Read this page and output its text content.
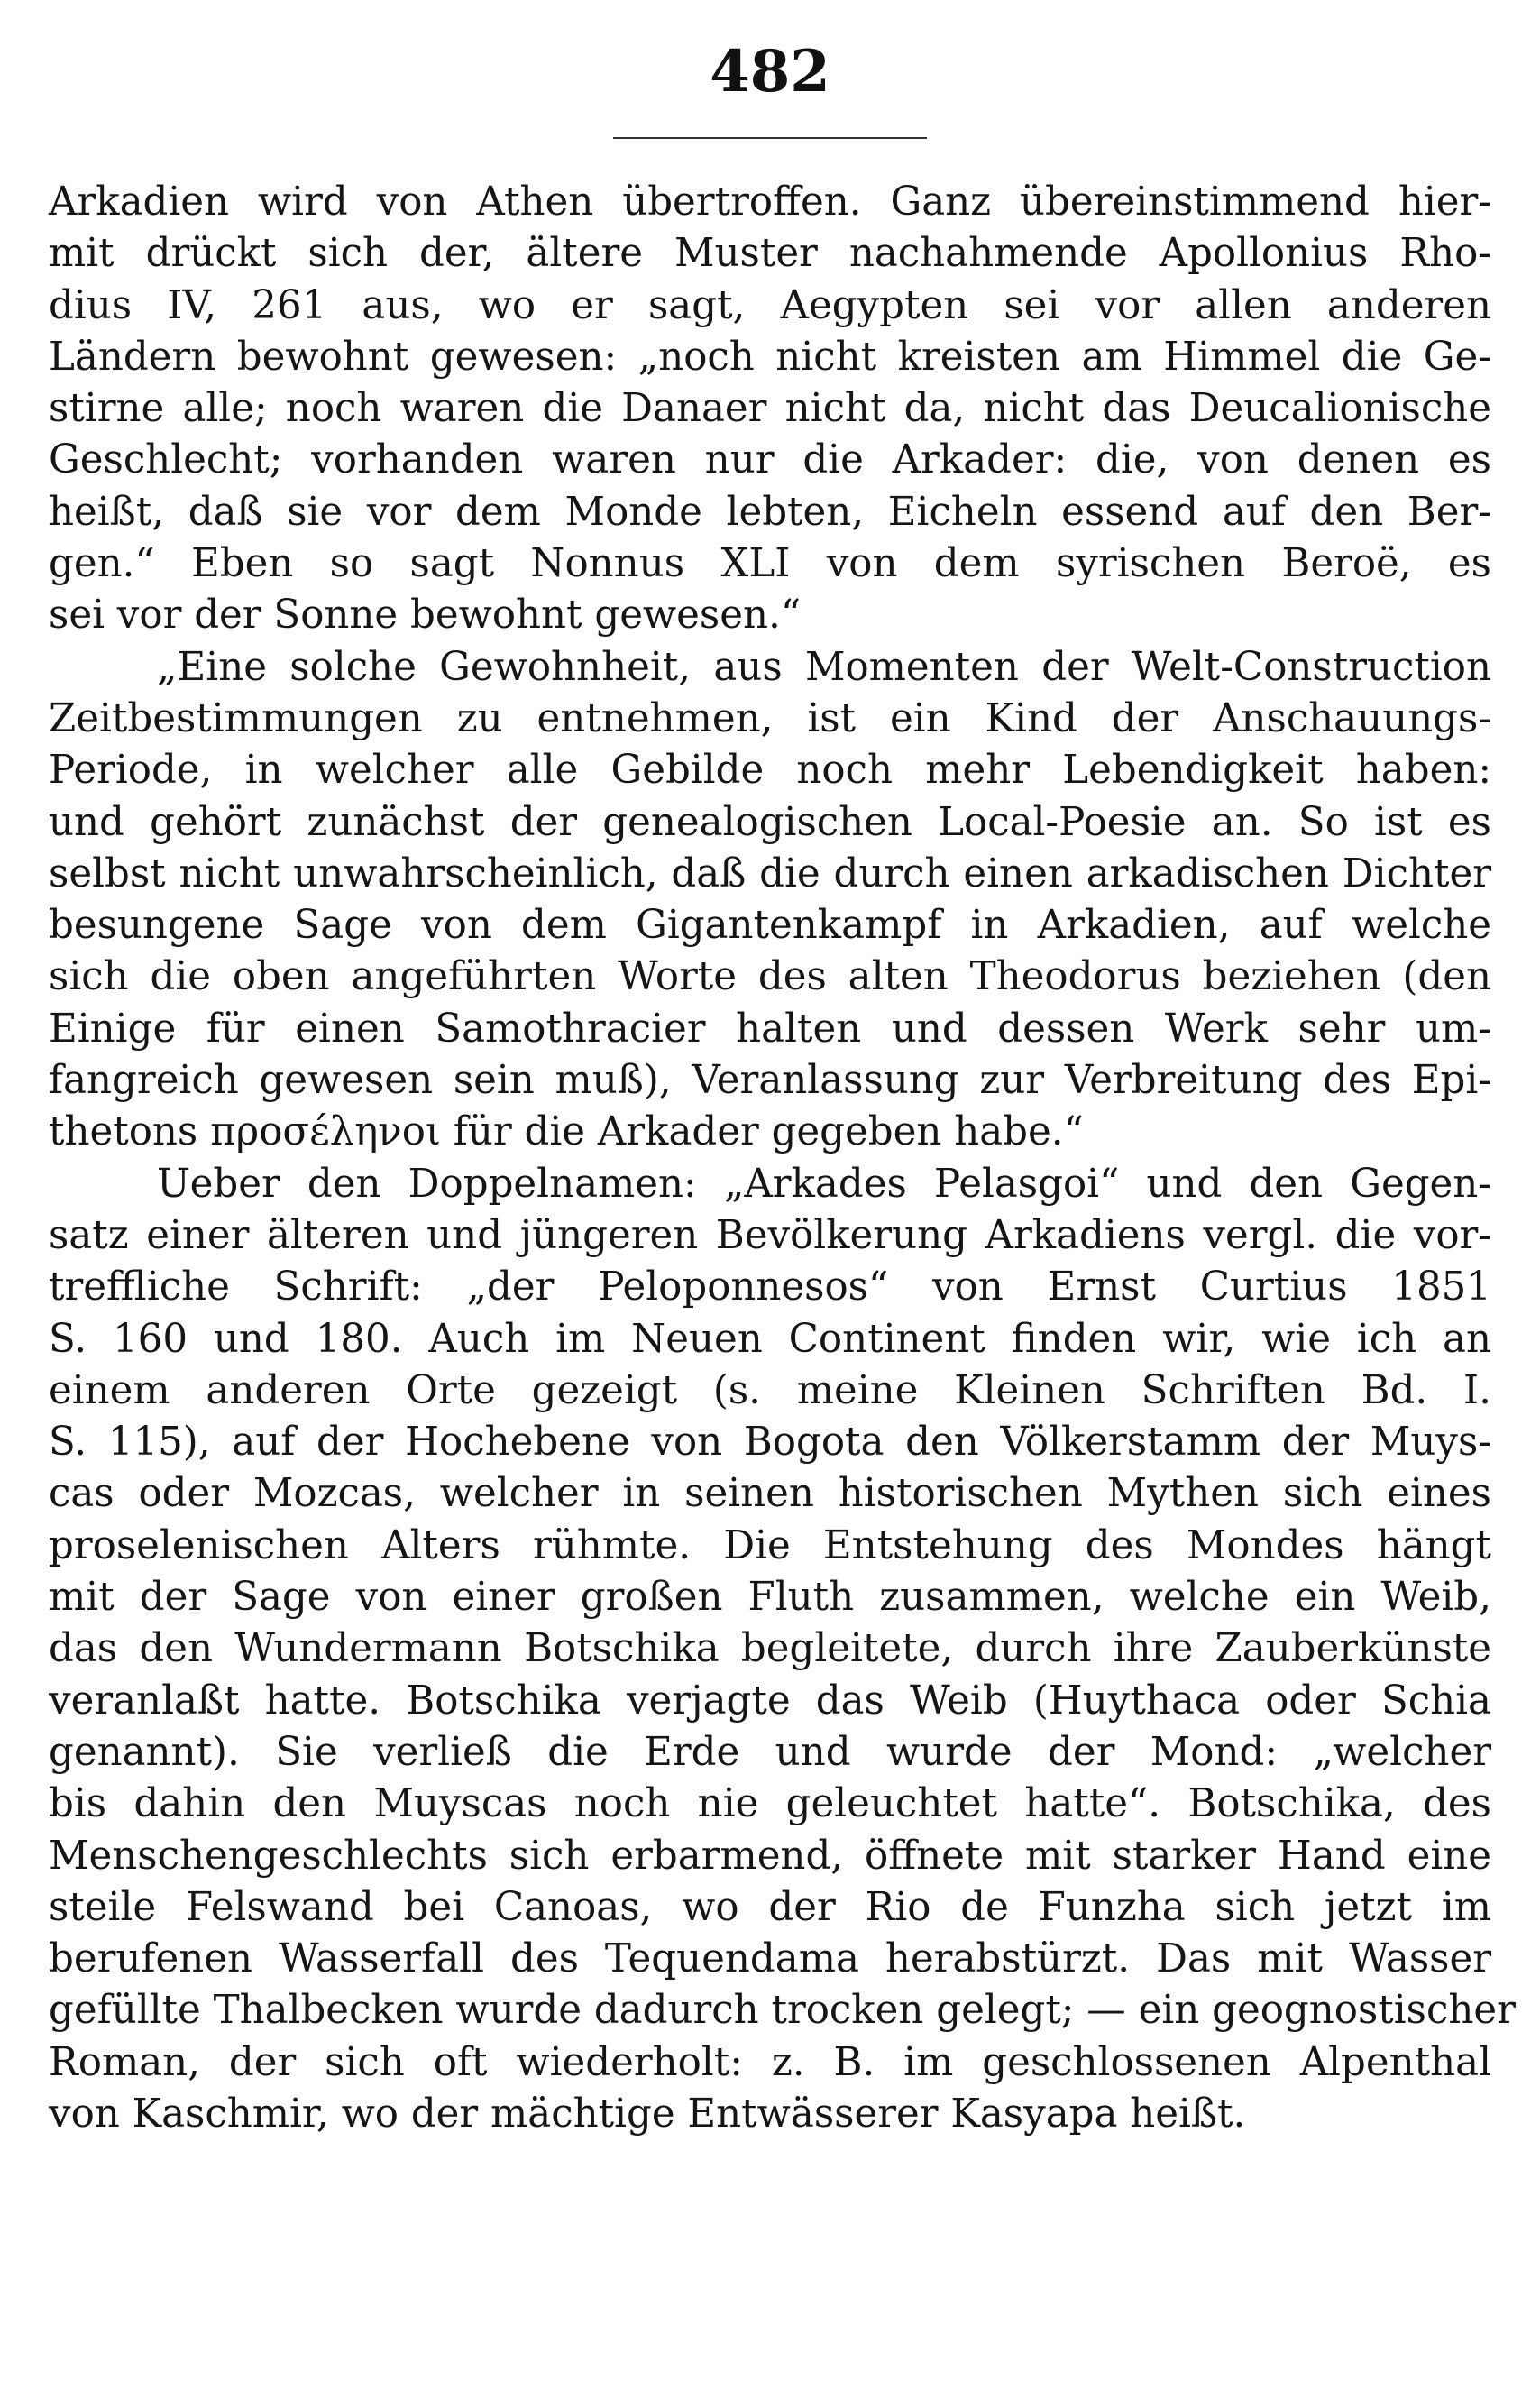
482
Arkadien wird von Athen übertroffen. Ganz übereinstimmend hier-
mit drückt sich der, ältere Muster nachahmende Apollonius Rho-
dius IV, 261 aus, wo er sagt, Aegypten sei vor allen anderen
Ländern bewohnt gewesen: „noch nicht kreisten am Himmel die Ge-
stirne alle; noch waren die Danaer nicht da, nicht das Deucalionische
Geschlecht; vorhanden waren nur die Arkader: die, von denen es
heißt, daß sie vor dem Monde lebten, Eicheln essend auf den Ber-
gen.“ Eben so sagt Nonnus XLI von dem syrischen Beroë, es
sei vor der Sonne bewohnt gewesen.“
„Eine solche Gewohnheit, aus Momenten der Welt-Construction
Zeitbestimmungen zu entnehmen, ist ein Kind der Anschauungs-
Periode, in welcher alle Gebilde noch mehr Lebendigkeit haben:
und gehört zunächst der genealogischen Local-Poesie an. So ist es
selbst nicht unwahrscheinlich, daß die durch einen arkadischen Dichter
besungene Sage von dem Gigantenkampf in Arkadien, auf welche
sich die oben angeführten Worte des alten Theodorus beziehen (den
Einige für einen Samothracier halten und dessen Werk sehr um-
fangreich gewesen sein muß), Veranlassung zur Verbreitung des Epi-
thetons προσέληνοι für die Arkader gegeben habe.“
Ueber den Doppelnamen: „Arkades Pelasgoi“ und den Gegen-
satz einer älteren und jüngeren Bevölkerung Arkadiens vergl. die vor-
treffliche Schrift: „der Peloponnesos“ von Ernst Curtius 1851
S. 160 und 180. Auch im Neuen Continent finden wir, wie ich an
einem anderen Orte gezeigt (s. meine Kleinen Schriften Bd. I.
S. 115), auf der Hochebene von Bogota den Völkerstamm der Muys-
cas oder Mozcas, welcher in seinen historischen Mythen sich eines
proselenischen Alters rühmte. Die Entstehung des Mondes hängt
mit der Sage von einer großen Fluth zusammen, welche ein Weib,
das den Wundermann Botschika begleitete, durch ihre Zauberkünste
veranlaßt hatte. Botschika verjagte das Weib (Huythaca oder Schia
genannt). Sie verließ die Erde und wurde der Mond: „welcher
bis dahin den Muyscas noch nie geleuchtet hatte“. Botschika, des
Menschengeschlechts sich erbarmend, öffnete mit starker Hand eine
steile Felswand bei Canoas, wo der Rio de Funzha sich jetzt im
berufenen Wasserfall des Tequendama herabstürzt. Das mit Wasser
gefüllte Thalbecken wurde dadurch trocken gelegt; — ein geognostischer
Roman, der sich oft wiederholt: z. B. im geschlossenen Alpenthal
von Kaschmir, wo der mächtige Entwässerer Kasyapa heißt.
